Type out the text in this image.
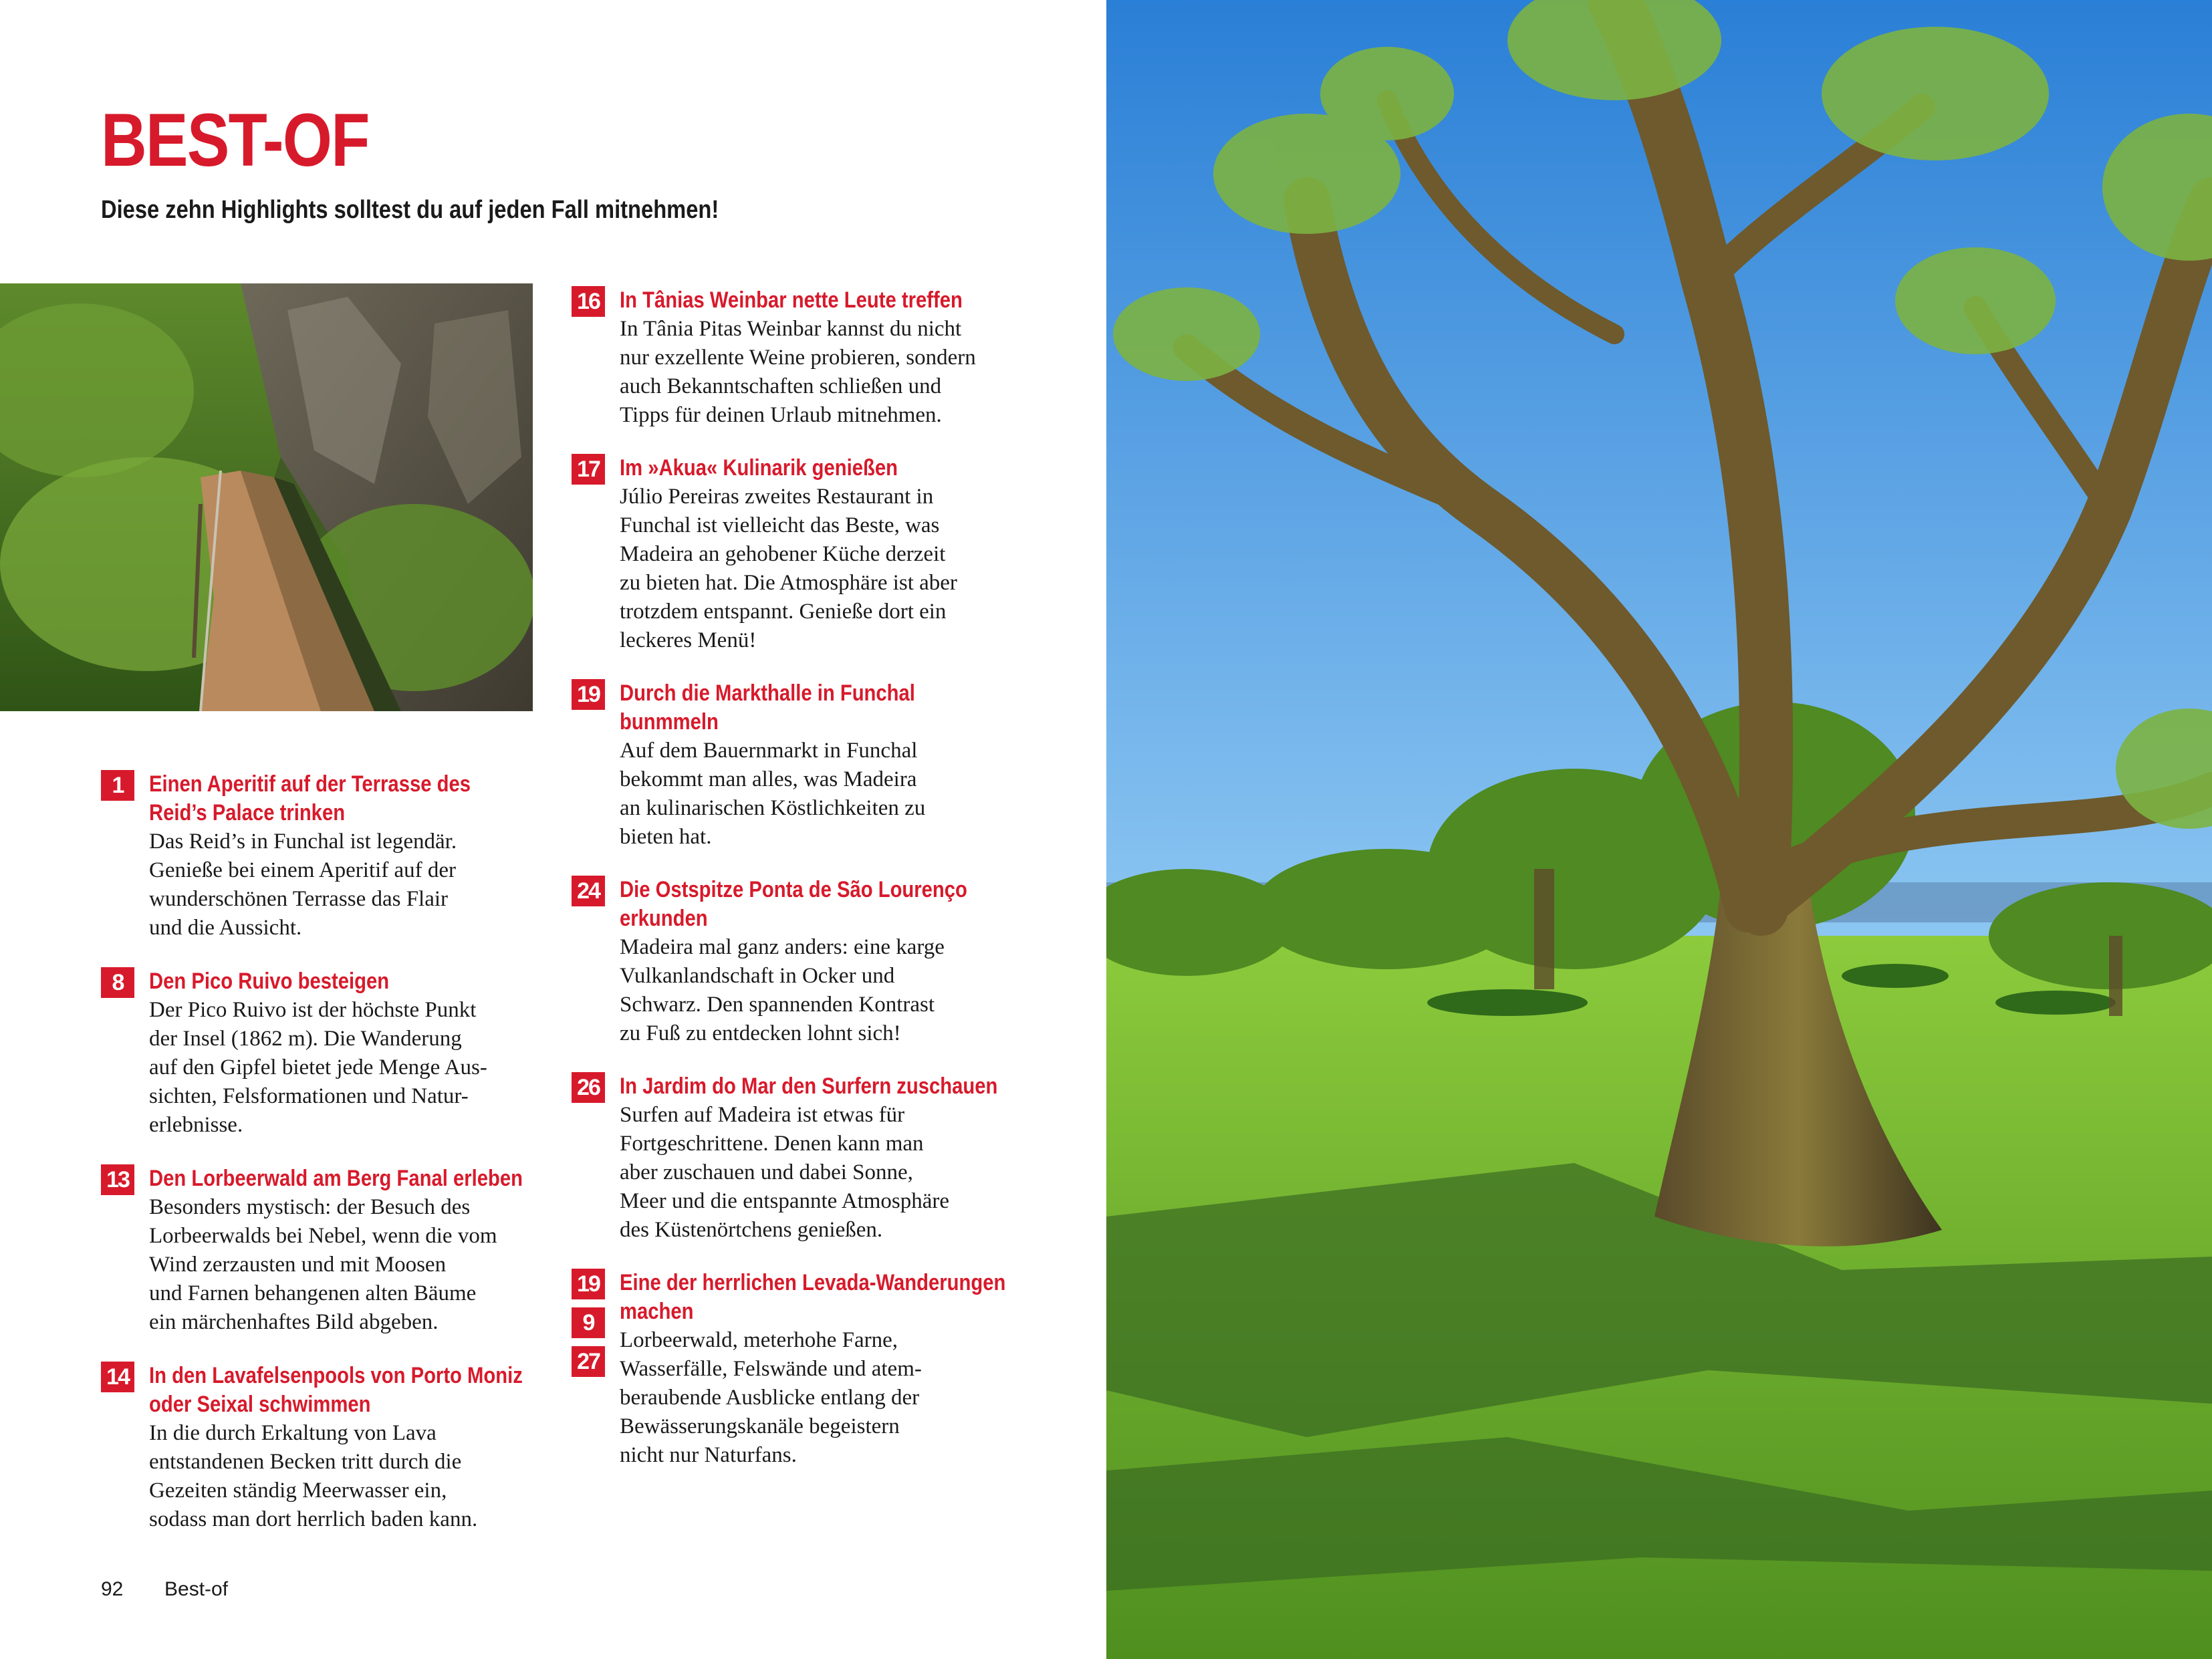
BEST-OF

Diese zehn Highlights solltest du auf jeden Fall mitnehmen!

1	Einen Aperitif auf der Terrasse des
Reid’s Palace trinken

Das Reid’s in Funchal ist legendär.
Genieße bei einem Aperitif auf der
wunderschönen Terrasse das Flair
und die Aussicht.

8	Den Pico Ruivo besteigen

Der Pico Ruivo ist der höchste Punkt
der Insel (1862 m). Die Wanderung
auf den Gipfel bietet jede Menge Aus-
sichten, Felsformationen und Natur-
erlebnisse.

13 Den Lorbeerwald am Berg Fanal erleben

Besonders mystisch: der Besuch des
Lorbeerwalds bei Nebel, wenn die vom
Wind zerzausten und mit Moosen
und Farnen behangenen alten Bäume
ein märchenhaftes Bild abgeben.

14 In den Lavafelsenpools von Porto Moniz
oder Seixal schwimmen

In die durch Erkaltung von Lava
entstandenen Becken tritt durch die
Gezeiten ständig Meerwasser ein,
sodass man dort herrlich baden kann.

16 In Tânias Weinbar nette Leute treffen

In Tânia Pitas Weinbar kannst du nicht
nur exzellente Weine probieren, sondern
auch Bekanntschaften schließen und
Tipps für deinen Urlaub mitnehmen.

17 Im »Akua« Kulinarik genießen

Júlio Pereiras zweites Restaurant in
Funchal ist vielleicht das Beste, was
Madeira an gehobener Küche derzeit
zu bieten hat. Die Atmosphäre ist aber
trotzdem entspannt. Genieße dort ein
leckeres Menü!

19 Durch die Markthalle in Funchal bunmmeln

Auf dem Bauernmarkt in Funchal
bekommt man alles, was Madeira
an kulinarischen Köstlichkeiten zu
bieten hat.

24 Die Ostspitze Ponta de São Lourenço
erkunden

Madeira mal ganz anders: eine karge
Vulkanlandschaft in Ocker und
Schwarz. Den spannenden Kontrast
zu Fuß zu entdecken lohnt sich!

26 In Jardim do Mar den Surfern zuschauen

Surfen auf Madeira ist etwas für
Fortgeschrittene. Denen kann man
aber zuschauen und dabei Sonne,
Meer und die entspannte Atmosphäre
des Küstenörtchens genießen.

19
9
27

Eine der herrlichen Levada-Wanderungen
machen

Lorbeerwald, meterhohe Farne,
Wasserfälle, Felswände und atem-
beraubende Ausblicke entlang der
Bewässerungskanäle begeistern
nicht nur Naturfans.

92 Best-of
